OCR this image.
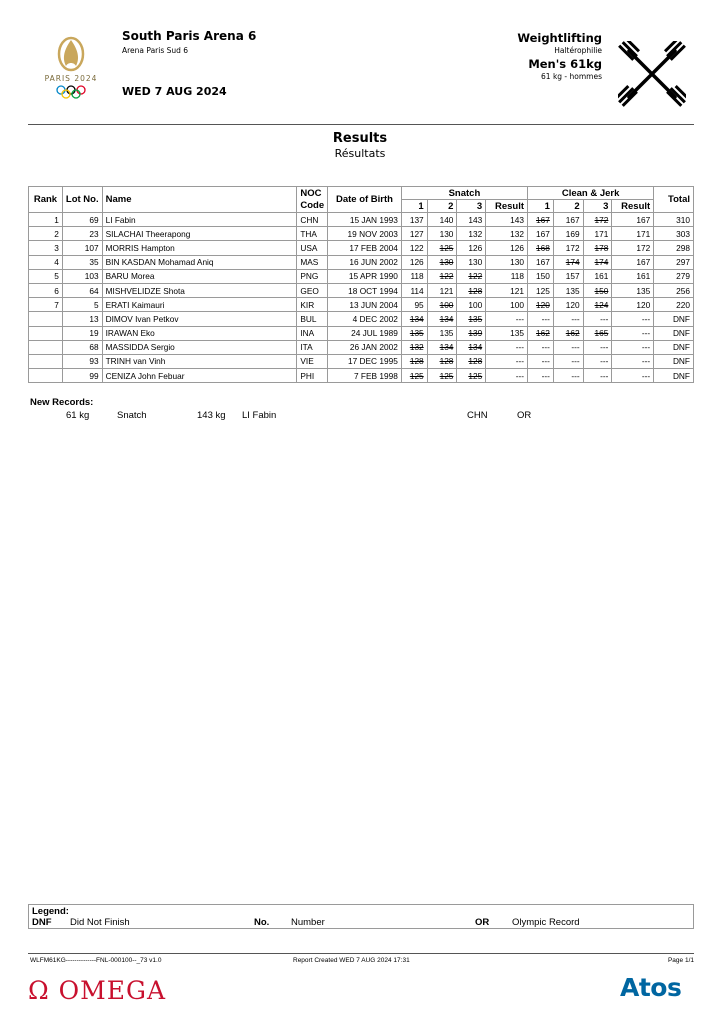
PARIS 2024
South Paris Arena 6
Arena Paris Sud 6
WED 7 AUG 2024
Weightlifting
Haltérophilie
Men's 61kg
61 kg - hommes
Results
Résultats
Rank	Lot No.	Name	NOC Code	Date of Birth	Snatch				Clean & Jerk				Total
					1	2	3	Result	1	2	3	Result	
1	69	LI Fabin	CHN	15 JAN 1993	137	140	143	143	167	167	172	167	310
2	23	SILACHAI Theerapong	THA	19 NOV 2003	127	130	132	132	167	169	171	171	303
3	107	MORRIS Hampton	USA	17 FEB 2004	122	125	126	126	168	172	178	172	298
4	35	BIN KASDAN Mohamad Aniq	MAS	16 JUN 2002	126	130	130	130	167	174	174	167	297
5	103	BARU Morea	PNG	15 APR 1990	118	122	122	118	150	157	161	161	279
6	64	MISHVELIDZE Shota	GEO	18 OCT 1994	114	121	128	121	125	135	150	135	256
7	5	ERATI Kaimauri	KIR	13 JUN 2004	95	100	100	100	120	120	124	120	220
	13	DIMOV Ivan Petkov	BUL	4 DEC 2002	134	134	135	---	---	---	---	---	DNF
	19	IRAWAN Eko	INA	24 JUL 1989	135	135	139	135	162	162	165	---	DNF
	68	MASSIDDA Sergio	ITA	26 JAN 2002	132	134	134	---	---	---	---	---	DNF
	93	TRINH van Vinh	VIE	17 DEC 1995	128	128	128	---	---	---	---	---	DNF
	99	CENIZA John Febuar	PHI	7 FEB 1998	125	125	125	---	---	---	---	---	DNF
New Records:
61 kg	Snatch	143 kg LI Fabin	CHN	OR
Legend:
DNF Did Not Finish	No. Number	OR Olympic Record
WLFM61KG--------------FNL-000100--_73 v1.0	Report Created WED 7 AUG 2024 17:31	Page 1/1
Ω OMEGA	Atos
